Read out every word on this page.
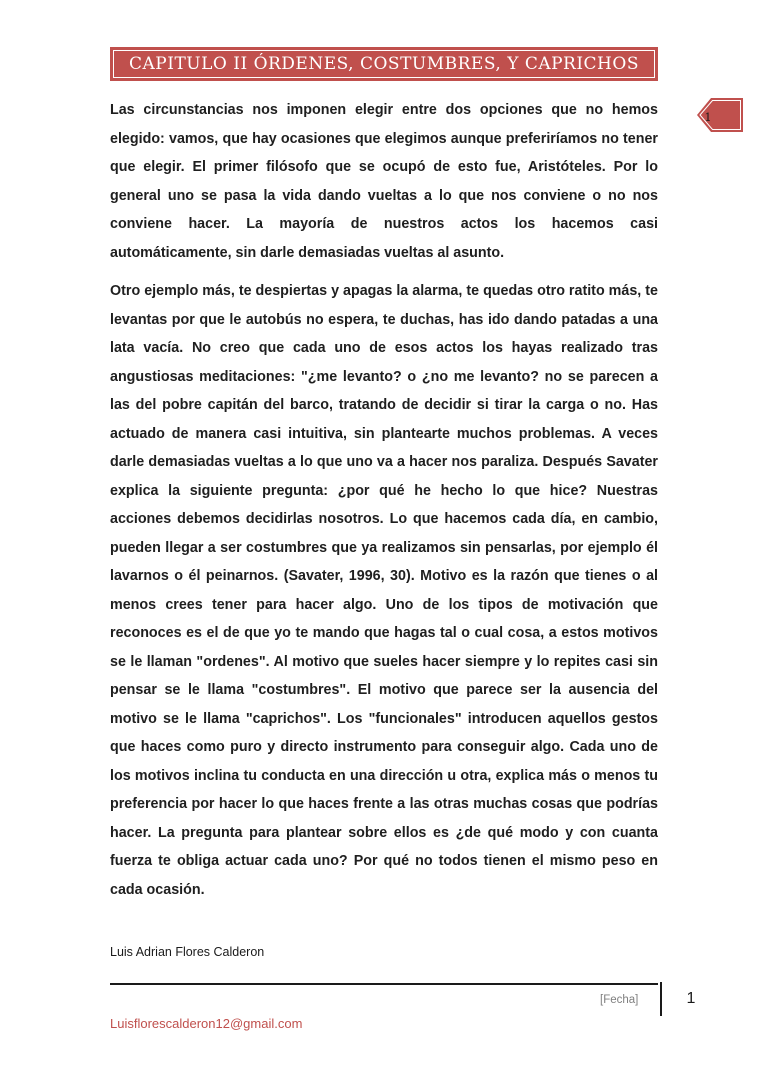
CAPITULO II ÓRDENES, COSTUMBRES, Y CAPRICHOS
1

Las circunstancias nos imponen elegir entre dos opciones que no hemos elegido: vamos, que hay ocasiones que elegimos aunque preferiríamos no tener que elegir. El primer filósofo que se ocupó de esto fue, Aristóteles. Por lo general uno se pasa la vida dando vueltas a lo que nos conviene o no nos conviene hacer. La mayoría de nuestros actos los hacemos casi automáticamente, sin darle demasiadas vueltas al asunto.

Otro ejemplo más, te despiertas y apagas la alarma, te quedas otro ratito más, te levantas por que le autobús no espera, te duchas, has ido dando patadas a una lata vacía. No creo que cada uno de esos actos los hayas realizado tras angustiosas meditaciones: "¿me levanto? o ¿no me levanto? no se parecen a las del pobre capitán del barco, tratando de decidir si tirar la carga o no. Has actuado de manera casi intuitiva, sin plantearte muchos problemas. A veces darle demasiadas vueltas a lo que uno va a hacer nos paraliza. Después Savater explica la siguiente pregunta: ¿por qué he hecho lo que hice? Nuestras acciones debemos decidirlas nosotros. Lo que hacemos cada día, en cambio, pueden llegar a ser costumbres que ya realizamos sin pensarlas, por ejemplo él lavarnos o él peinarnos. (Savater, 1996, 30). Motivo es la razón que tienes o al menos crees tener para hacer algo. Uno de los tipos de motivación que reconoces es el de que yo te mando que hagas tal o cual cosa, a estos motivos se le llaman "ordenes". Al motivo que sueles hacer siempre y lo repites casi sin pensar se le llama "costumbres". El motivo que parece ser la ausencia del motivo se le llama "caprichos". Los "funcionales" introducen aquellos gestos que haces como puro y directo instrumento para conseguir algo. Cada uno de los motivos inclina tu conducta en una dirección u otra, explica más o menos tu preferencia por hacer lo que haces frente a las otras muchas cosas que podrías hacer. La pregunta para plantear sobre ellos es ¿de qué modo y con cuanta fuerza te obliga actuar cada uno? Por qué no todos tienen el mismo peso en cada ocasión.

Luis Adrian Flores Calderon
[Fecha]	1
Luisflorescalderon12@gmail.com
